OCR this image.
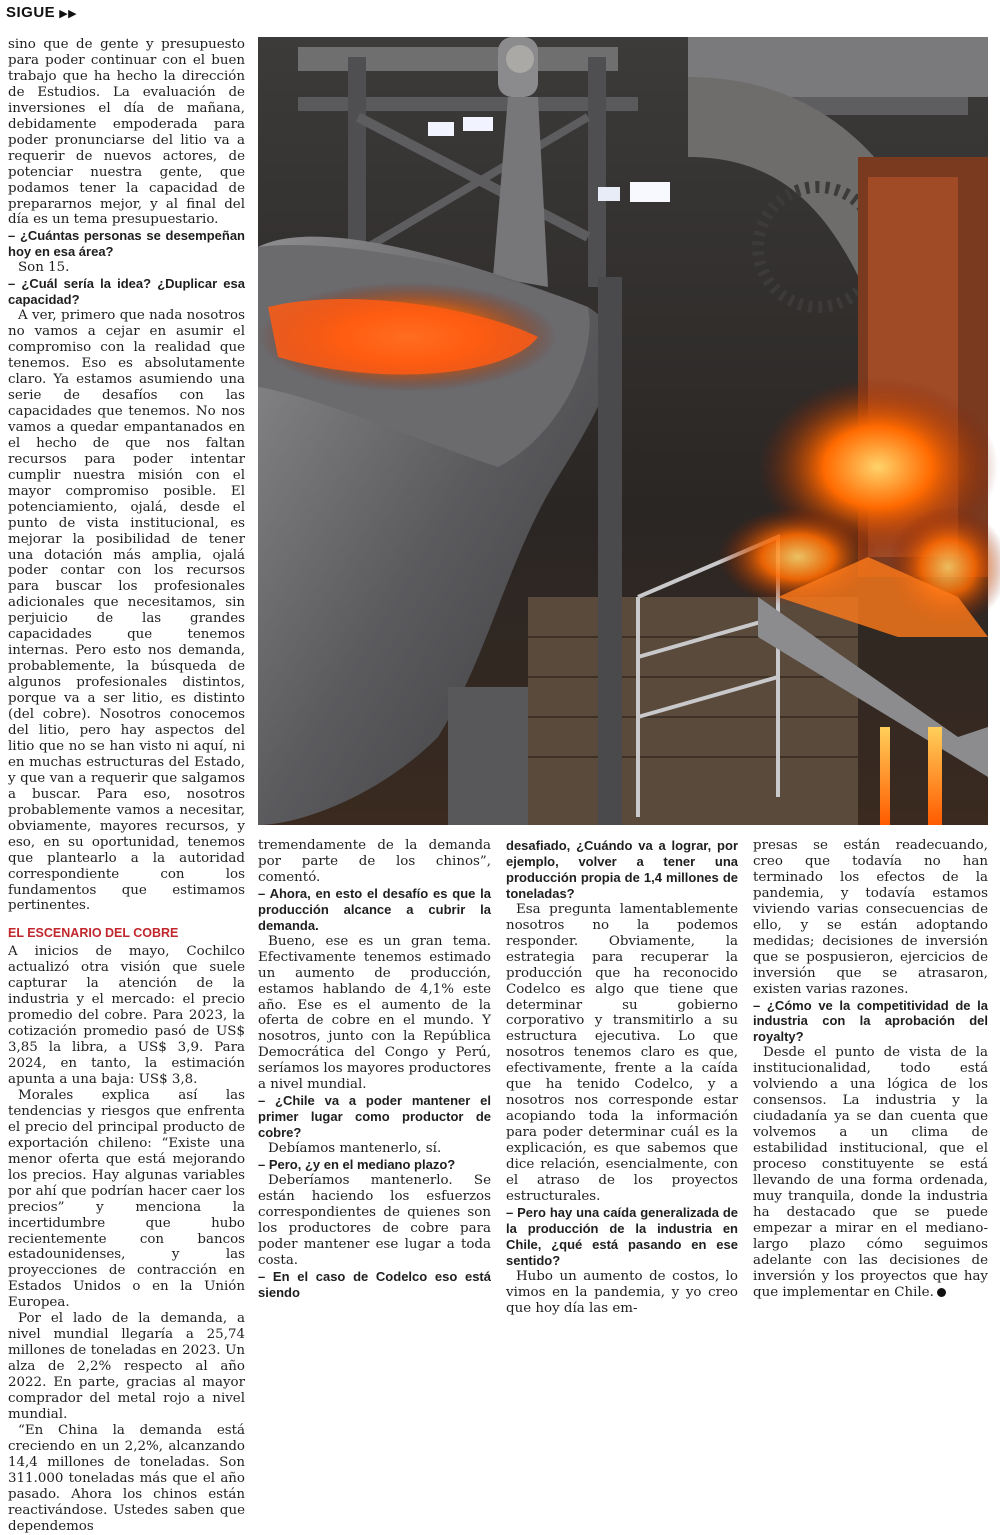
SIGUE ▶▶

sino que de gente y presupuesto para poder continuar con el buen trabajo que ha hecho la dirección de Estudios. La evaluación de inversiones el día de mañana, debidamente empoderada para poder pronunciarse del litio va a requerir de nuevos actores, de potenciar nuestra gente, que podamos tener la capacidad de prepararnos mejor, y al final del día es un tema presupuestario.

– ¿Cuántas personas se desempeñan hoy en esa área?

Son 15.

– ¿Cuál sería la idea? ¿Duplicar esa capacidad?

A ver, primero que nada nosotros no vamos a cejar en asumir el compromiso con la realidad que tenemos. Eso es absolutamente claro. Ya estamos asumiendo una serie de desafíos con las capacidades que tenemos. No nos vamos a quedar empantanados en el hecho de que nos faltan recursos para poder intentar cumplir nuestra misión con el mayor compromiso posible. El potenciamiento, ojalá, desde el punto de vista institucional, es mejorar la posibilidad de tener una dotación más amplia, ojalá poder contar con los recursos para buscar los profesionales adicionales que necesitamos, sin perjuicio de las grandes capacidades que tenemos internas. Pero esto nos demanda, probablemente, la búsqueda de algunos profesionales distintos, porque va a ser litio, es distinto (del cobre). Nosotros conocemos del litio, pero hay aspectos del litio que no se han visto ni aquí, ni en muchas estructuras del Estado, y que van a requerir que salgamos a buscar. Para eso, nosotros probablemente vamos a necesitar, obviamente, mayores recursos, y eso, en su oportunidad, tenemos que plantearlo a la autoridad correspondiente con los fundamentos que estimamos pertinentes.

EL ESCENARIO DEL COBRE

A inicios de mayo, Cochilco actualizó otra visión que suele capturar la atención de la industria y el mercado: el precio promedio del cobre. Para 2023, la cotización promedio pasó de US$ 3,85 la libra, a US$ 3,9. Para 2024, en tanto, la estimación apunta a una baja: US$ 3,8.

Morales explica así las tendencias y riesgos que enfrenta el precio del principal producto de exportación chileno: “Existe una menor oferta que está mejorando los precios. Hay algunas variables por ahí que podrían hacer caer los precios” y menciona la incertidumbre que hubo recientemente con bancos estadounidenses, y las proyecciones de contracción en Estados Unidos o en la Unión Europea.

Por el lado de la demanda, a nivel mundial llegaría a 25,74 millones de toneladas en 2023. Un alza de 2,2% respecto al año 2022. En parte, gracias al mayor comprador del metal rojo a nivel mundial.

“En China la demanda está creciendo en un 2,2%, alcanzando 14,4 millones de toneladas. Son 311.000 toneladas más que el año pasado. Ahora los chinos están reactivándose. Ustedes saben que dependemos

tremendamente de la demanda por parte de los chinos”, comentó.

– Ahora, en esto el desafío es que la producción alcance a cubrir la demanda.

Bueno, ese es un gran tema. Efectivamente tenemos estimado un aumento de producción, estamos hablando de 4,1% este año. Ese es el aumento de la oferta de cobre en el mundo. Y nosotros, junto con la República Democrática del Congo y Perú, seríamos los mayores productores a nivel mundial.

– ¿Chile va a poder mantener el primer lugar como productor de cobre?

Debíamos mantenerlo, sí.

– Pero, ¿y en el mediano plazo?

Deberíamos mantenerlo. Se están haciendo los esfuerzos correspondientes de quienes son los productores de cobre para poder mantener ese lugar a toda costa.

– En el caso de Codelco eso está siendo

desafiado, ¿Cuándo va a lograr, por ejemplo, volver a tener una producción propia de 1,4 millones de toneladas?

Esa pregunta lamentablemente nosotros no la podemos responder. Obviamente, la estrategia para recuperar la producción que ha reconocido Codelco es algo que tiene que determinar su gobierno corporativo y transmitirlo a su estructura ejecutiva. Lo que nosotros tenemos claro es que, efectivamente, frente a la caída que ha tenido Codelco, y a nosotros nos corresponde estar acopiando toda la información para poder determinar cuál es la explicación, es que sabemos que dice relación, esencialmente, con el atraso de los proyectos estructurales.

– Pero hay una caída generalizada de la producción de la industria en Chile, ¿qué está pasando en ese sentido?

Hubo un aumento de costos, lo vimos en la pandemia, y yo creo que hoy día las em-

presas se están readecuando, creo que todavía no han terminado los efectos de la pandemia, y todavía estamos viviendo varias consecuencias de ello, y se están adoptando medidas; decisiones de inversión que se pospusieron, ejercicios de inversión que se atrasaron, existen varias razones.

– ¿Cómo ve la competitividad de la industria con la aprobación del royalty?

Desde el punto de vista de la institucionalidad, todo está volviendo a una lógica de los consensos. La industria y la ciudadanía ya se dan cuenta que volvemos a un clima de estabilidad institucional, que el proceso constituyente se está llevando de una forma ordenada, muy tranquila, donde la industria ha destacado que se puede empezar a mirar en el mediano-largo plazo cómo seguimos adelante con las decisiones de inversión y los proyectos que hay que implementar en Chile.
